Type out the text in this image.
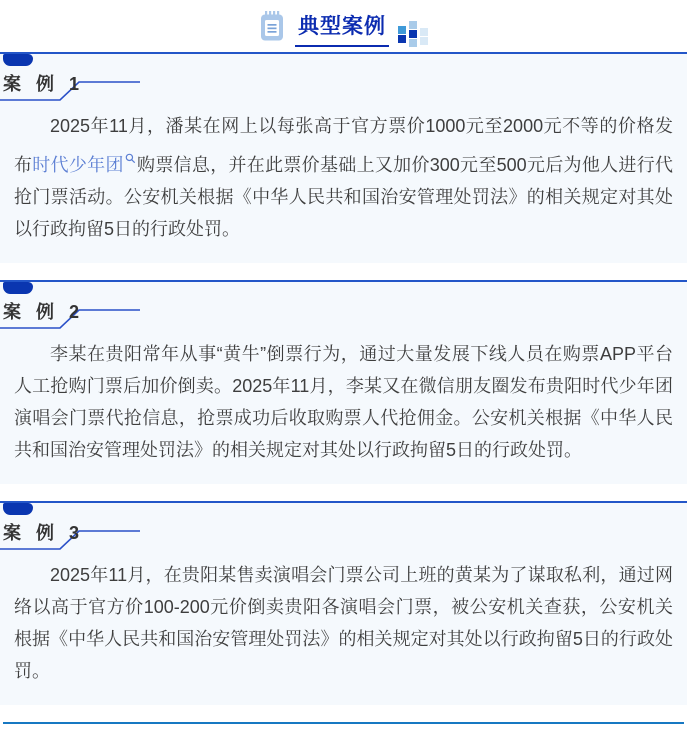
典型案例
案 例 1

2025年11月，潘某在网上以每张高于官方票价1000元至2000元不等的价格发布时代少年团 购票信息，并在此票价基础上又加价300元至500元后为他人进行代抢门票活动。公安机关根据《中华人民共和国治安管理处罚法》的相关规定对其处以行政拘留5日的行政处罚。

案 例 2

李某在贵阳常年从事“黄牛”倒票行为，通过大量发展下线人员在购票APP平台人工抢购门票后加价倒卖。2025年11月，李某又在微信朋友圈发布贵阳时代少年团演唱会门票代抢信息，抢票成功后收取购票人代抢佣金。公安机关根据《中华人民共和国治安管理处罚法》的相关规定对其处以行政拘留5日的行政处罚。

案 例 3

2025年11月，在贵阳某售卖演唱会门票公司上班的黄某为了谋取私利，通过网络以高于官方价100-200元价倒卖贵阳各演唱会门票，被公安机关查获，公安机关根据《中华人民共和国治安管理处罚法》的相关规定对其处以行政拘留5日的行政处罚。
